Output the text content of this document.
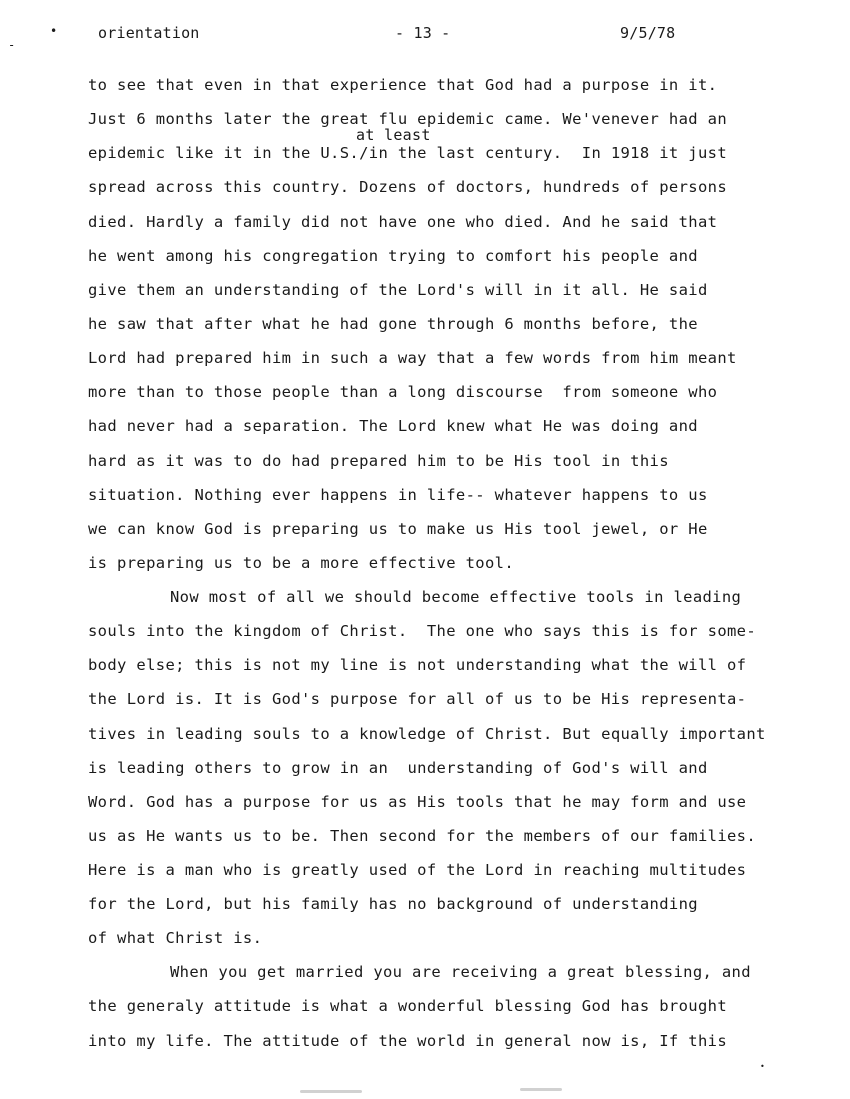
•
-
orientation	- 13 -	9/5/78
at least
to see that even in that experience that God had a purpose in it.
Just 6 months later the great flu epidemic came. We'venever had an
epidemic like it in the U.S./in the last century.  In 1918 it just
spread across this country. Dozens of doctors, hundreds of persons
died. Hardly a family did not have one who died. And he said that
he went among his congregation trying to comfort his people and
give them an understanding of the Lord's will in it all. He said
he saw that after what he had gone through 6 months before, the
Lord had prepared him in such a way that a few words from him meant
more than to those people than a long discourse  from someone who
had never had a separation. The Lord knew what He was doing and
hard as it was to do had prepared him to be His tool in this
situation. Nothing ever happens in life-- whatever happens to us
we can know God is preparing us to make us His tool jewel, or He
is preparing us to be a more effective tool.
Now most of all we should become effective tools in leading
souls into the kingdom of Christ.  The one who says this is for some-
body else; this is not my line is not understanding what the will of
the Lord is. It is God's purpose for all of us to be His representa-
tives in leading souls to a knowledge of Christ. But equally important
is leading others to grow in an  understanding of God's will and
Word. God has a purpose for us as His tools that he may form and use
us as He wants us to be. Then second for the members of our families.
Here is a man who is greatly used of the Lord in reaching multitudes
for the Lord, but his family has no background of understanding
of what Christ is.
When you get married you are receiving a great blessing, and
the generaly attitude is what a wonderful blessing God has brought
into my life. The attitude of the world in general now is, If this
•
